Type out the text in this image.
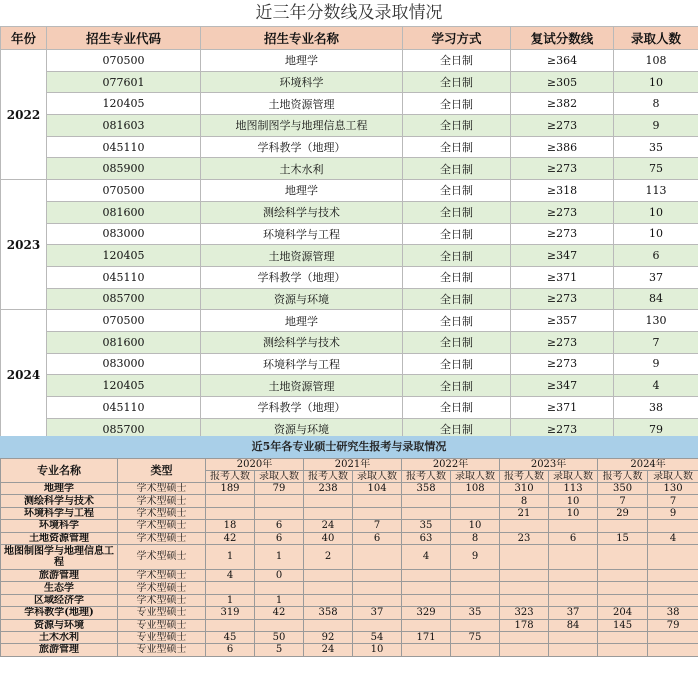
近三年分数线及录取情况
年份	招生专业代码	招生专业名称	学习方式	复试分数线	录取人数
2022	070500	地理学	全日制	≥364	108
	077601	环境科学	全日制	≥305	10
	120405	土地资源管理	全日制	≥382	8
	081603	地图制图学与地理信息工程	全日制	≥273	9
	045110	学科教学（地理）	全日制	≥386	35
	085900	土木水利	全日制	≥273	75
2023	070500	地理学	全日制	≥318	113
	081600	测绘科学与技术	全日制	≥273	10
	083000	环境科学与工程	全日制	≥273	10
	120405	土地资源管理	全日制	≥347	6
	045110	学科教学（地理）	全日制	≥371	37
	085700	资源与环境	全日制	≥273	84
2024	070500	地理学	全日制	≥357	130
	081600	测绘科学与技术	全日制	≥273	7
	083000	环境科学与工程	全日制	≥273	9
	120405	土地资源管理	全日制	≥347	4
	045110	学科教学（地理）	全日制	≥371	38
	085700	资源与环境	全日制	≥273	79
近5年各专业硕士研究生报考与录取情况
专业名称	类型	2020年		2021年		2022年		2023年		2024年	
		报考人数	录取人数	报考人数	录取人数	报考人数	录取人数	报考人数	录取人数	报考人数	录取人数
地理学	学术型硕士	189	79	238	104	358	108	310	113	350	130
测绘科学与技术	学术型硕士							8	10	7	7
环境科学与工程	学术型硕士							21	10	29	9
环境科学	学术型硕士	18	6	24	7	35	10				
土地资源管理	学术型硕士	42	6	40	6	63	8	23	6	15	4
地图制图学与地理信息工程	学术型硕士	1	1	2		4	9				
旅游管理	学术型硕士	4	0								
生态学	学术型硕士										
区域经济学	学术型硕士	1	1								
学科教学(地理)	专业型硕士	319	42	358	37	329	35	323	37	204	38
资源与环境	专业型硕士							178	84	145	79
土木水利	专业型硕士	45	50	92	54	171	75				
旅游管理	专业型硕士	6	5	24	10						
